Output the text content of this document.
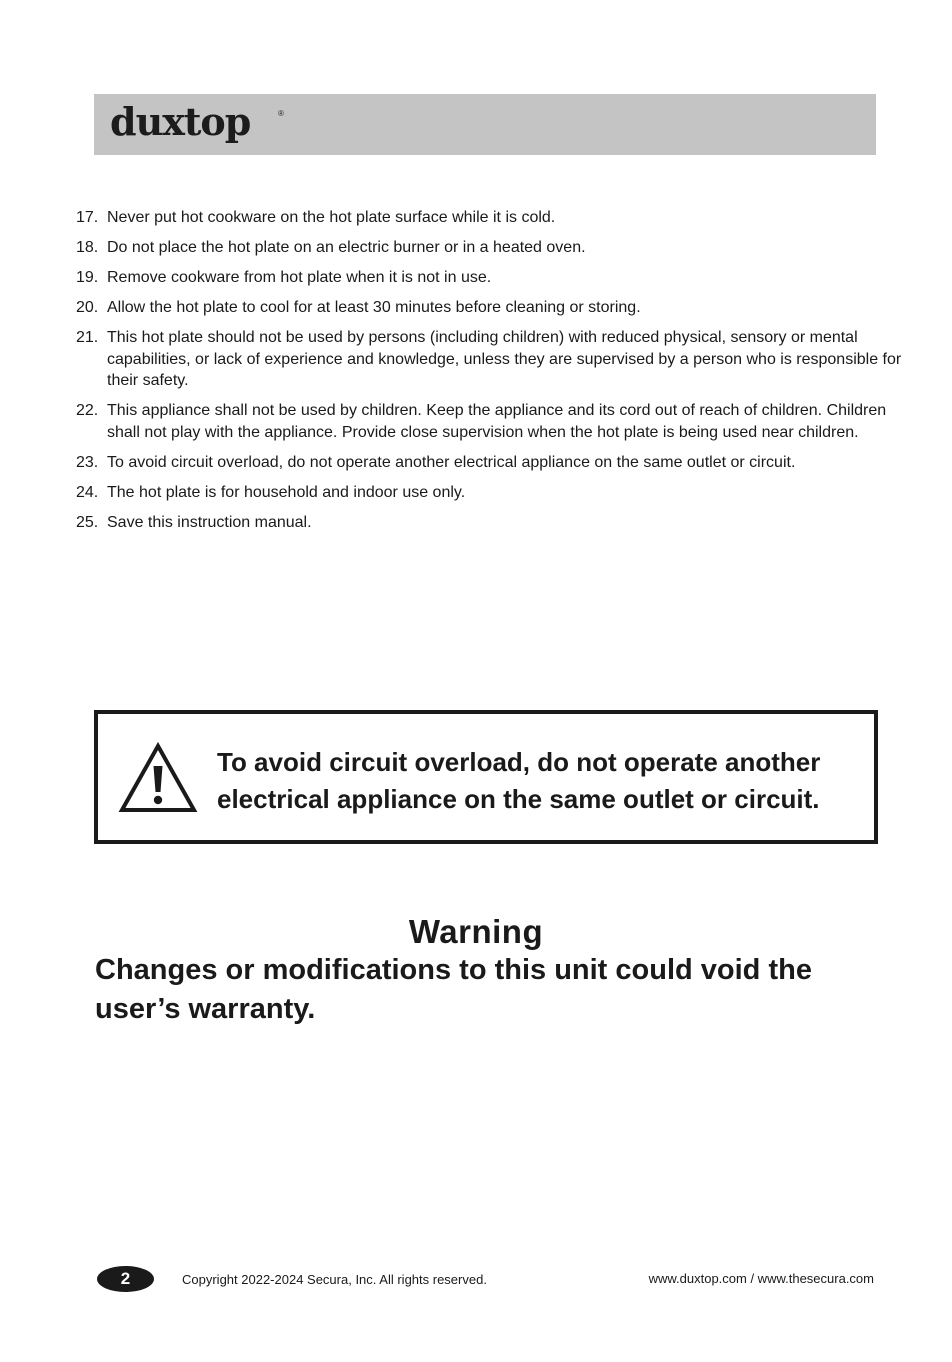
duxtop	®
17. Never put hot cookware on the hot plate surface while it is cold.
18. Do not place the hot plate on an electric burner or in a heated oven.
19. Remove cookware from hot plate when it is not in use.
20. Allow the hot plate to cool for at least 30 minutes before cleaning or storing.
21. This hot plate should not be used by persons (including children) with reduced physical, sensory or mental capabilities, or lack of experience and knowledge, unless they are supervised by a person who is responsible for their safety.
22. This appliance shall not be used by children. Keep the appliance and its cord out of reach of children. Children shall not play with the appliance. Provide close supervision when the hot plate is being used near children.
23. To avoid circuit overload, do not operate another electrical appliance on the same outlet or circuit.
24. The hot plate is for household and indoor use only.
25. Save this instruction manual.
To avoid circuit overload, do not operate another
electrical appliance on the same outlet or circuit.
Warning
Changes or modifications to this unit could void the user’s warranty.
2	Copyright 2022-2024 Secura, Inc. All rights reserved.	www.duxtop.com / www.thesecura.com
